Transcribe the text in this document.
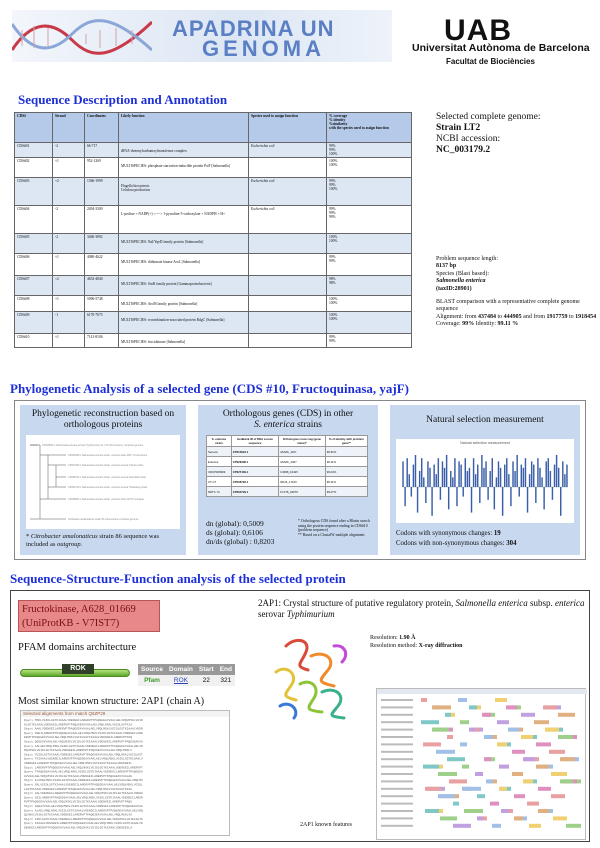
APADRINA UN
GENOMA
UAB
Universitat Autònoma de Barcelona
Facultat de Biociències
Sequence Description and Annotation
CDS#	Strand	Coordinates	Likely function	Species used to assign function	% coverage
% identity
%similarity
with the species used to assign function
CDS#01	-2	66-717	tRNA-threonylcarbamoyltransferase complex	Escherichia coli	99%
99%
100%

CDS#02	+1	952-1269	MULTISPECIES: phosphate starvation-inducible protein PsiF [Salmonella]		100%
100%

CDS#03	+2	1366-1999	Flagella biosyntesis
Celulosa production	Escherichia coli	99%
99%
100%

CDS#04	-2	2494-3300	L-proline + NADP(+) <----> 1-pyrroline-5-carboxylate + NADPH + H+	Escherichia coli	99%
99%
99%

CDS#05	-2	3460-3892	MULTISPECIES: NaI/YqeD family protein [Salmonella]		100%
100%

CDS#06	+1	4080-4622	MULTISPECIES: dithionate kinase AroL [Salmonella]		99%
99%

CDS#07	+2	4652-4840	MULTISPECIES: SinR family protein [Gammaproteobacteria]		98%
98%

CDS#08	+1	5096-5748	MULTISPECIES: AroM family protein [Salmonella]		100%
100%

CDS#09	-1	6170-7075	MULTISPECIES: recombination-associated protein RdgC [Salmonella]		100%
100%

CDS#10	+1	7141-8106	MULTISPECIES: fructokinase [Salmonella]		99%
99%
Selected complete genome:
Strain LT2
NCBI accession:
NC_003179.2
Problem sequence length:
8137 bp
Species (Blast based):
Salmonella enterica
(taxID:28901)
BLAST comparison with a representative complete genome sequence
Alignment: from 437484 to 444905 and from 1917759 to 1918454
Coverage: 99% Identity: 99.11 %
Phylogenetic Analysis of a selected gene (CDS #10, Fructoquinasa, yajF)
Phylogenetic reconstruction based on orthologous proteins
CP015924.1 Salmonella enterica serovar Typhimurium str. LT2 chromosome, complete genome
CP026308.1 Salmonella enterica subsp. enterica strain RM 7 chromosome
CP027409.1 Salmonella enterica subsp. enterica serovar Infantis strain
CP036702.1 Salmonella enterica subsp. enterica serovar Enteritidis strain
CP064729.1 Salmonella enterica subsp. enterica serovar Heidelberg strain
CP038654.1 Salmonella enterica subsp. enterica strain NCTC complete
Citrobacter amalonaticus strain 86 chromosome complete genome
* Citrobacter amalonaticus strain 86 sequence was included as outgroup.
Orthologous genes (CDS) in other
S. enterica strains
S. enterica strain	GenBank ID of DNA source sequence	Orthologous locus tag (gene name)*	% of identity with problem gene**
Serovar	CP015924.1	A6A6K_1167	99.91%
Enterica	CP026308.1	A6A6K_2407	99.11%
CRCP009999	CP027409.1	C3998_10425	99.04%
CT-CT	CP036702.1	ND16_17100	99.11%
NRTC 74	CP064729.1	F7A78_04975	99.07%
dn (global): 0,5009
ds (global): 0,6106
dn/ds (global) : 0,8203
* Orthologous CDS found after a Blastn search using the protein sequence ending in CDS#10 (problem sequence)
** Based on a ClustalW multiple alignment.
Natural selection measurement
Natural selection measurement
Codons with synonymous changes: 19
Codons with non-synonymous changes: 304
Sequence-Structure-Function analysis of the selected protein
Fructokinase, A628_01669
(UniProtKB - V7IST7)
PFAM domains architecture
ROK	Source	Domain	Start	End
Pfam	ROK	22	321
Most similar known structure: 2AP1 (chain A)
Selected alignments from match Q6ZP29
Query MSKLVGIDLGGTKIAAALVDENGEILARERVPTPAQGGEAVVAALAELVRQLMSKLVGID
DLGGTKIAAALVDENGEILARERVPTPAQGGEAVVAALAELVRQLMSKLVGIDLGGTKIA
Sbjct AAALVDENGEILARERVPTPAQGGEAVVAALAELVRQLMSKLVGIDLGGTKIAAALVDEN
Query NGEILARERVPTPAQGGEAVVAALAELVRQLMSKLVGIDLGGTKIAAALVDENGEILARE
ERVPTPAQGGEAVVAALAELVRQLMSKLVGIDLGGTKIAAALVDENGEILARERVPTPAQ
Sbjct QGGEAVVAALAELVRQLMSKLVGIDLGGTKIAAALVDENGEILARERVPTPAQGGEAVVA
Query AALAELVRQLMSKLVGIDLGGTKIAAALVDENGEILARERVPTPAQGGEAVVAALAELVR
RQLMSKLVGIDLGGTKIAAALVDENGEILARERVPTPAQGGEAVVAALAELVRQLMSKLV
Sbjct VGIDLGGTKIAAALVDENGEILARERVPTPAQGGEAVVAALAELVRQLMSKLVGIDLGGT
Query TKIAAALVDENGEILARERVPTPAQGGEAVVAALAELVRQLMSKLVGIDLGGTKIAAALV
VDENGEILARERVPTPAQGGEAVVAALAELVRQLMSKLVGIDLGGTKIAAALVDENGEIL
Sbjct LARERVPTPAQGGEAVVAALAELVRQLMSKLVGIDLGGTKIAAALVDENGEILARERVPT
Query TPAQGGEAVVAALAELVRQLMSKLVGIDLGGTKIAAALVDENGEILARERVPTPAQGGEA
AVVAALAELVRQLMSKLVGIDLGGTKIAAALVDENGEILARERVPTPAQGGEAVVAALAE
Sbjct ELVRQLMSKLVGIDLGGTKIAAALVDENGEILARERVPTPAQGGEAVVAALAELVRQLMS
Query SKLVGIDLGGTKIAAALVDENGEILARERVPTPAQGGEAVVAALAELVRQLMSKLVGIDL
LGGTKIAAALVDENGEILARERVPTPAQGGEAVVAALAELVRQLMSKLVGIDLGGTKIAA
Sbjct AALVDENGEILARERVPTPAQGGEAVVAALAELVRQLMSKLVGIDLGGTKIAAALVDENG
Query GEILARERVPTPAQGGEAVVAALAELVRQLMSKLVGIDLGGTKIAAALVDENGEILARER
RVPTPAQGGEAVVAALAELVRQLMSKLVGIDLGGTKIAAALVDENGEILARERVPTPAQG
Sbjct GGEAVVAALAELVRQLMSKLVGIDLGGTKIAAALVDENGEILARERVPTPAQGGEAVVAA
Query ALAELVRQLMSKLVGIDLGGTKIAAALVDENGEILARERVPTPAQGGEAVVAALAELVRQ
QLMSKLVGIDLGGTKIAAALVDENGEILARERVPTPAQGGEAVVAALAELVRQLMSKLVG
Sbjct GIDLGGTKIAAALVDENGEILARERVPTPAQGGEAVVAALAELVRQLMSKLVGIDLGGTK
Query KIAAALVDENGEILARERVPTPAQGGEAVVAALAELVRQLMSKLVGIDLGGTKIAAALVD
DENGEILARERVPTPAQGGEAVVAALAELVRQLMSKLVGIDLGGTKIAAALVDENGEILA
2AP1: Crystal structure of putative regulatory protein, Salmonella enterica subsp. enterica serovar Typhimurium
Resolution: 1.90 Å
Resolution method: X-ray diffraction
2AP1 known features
